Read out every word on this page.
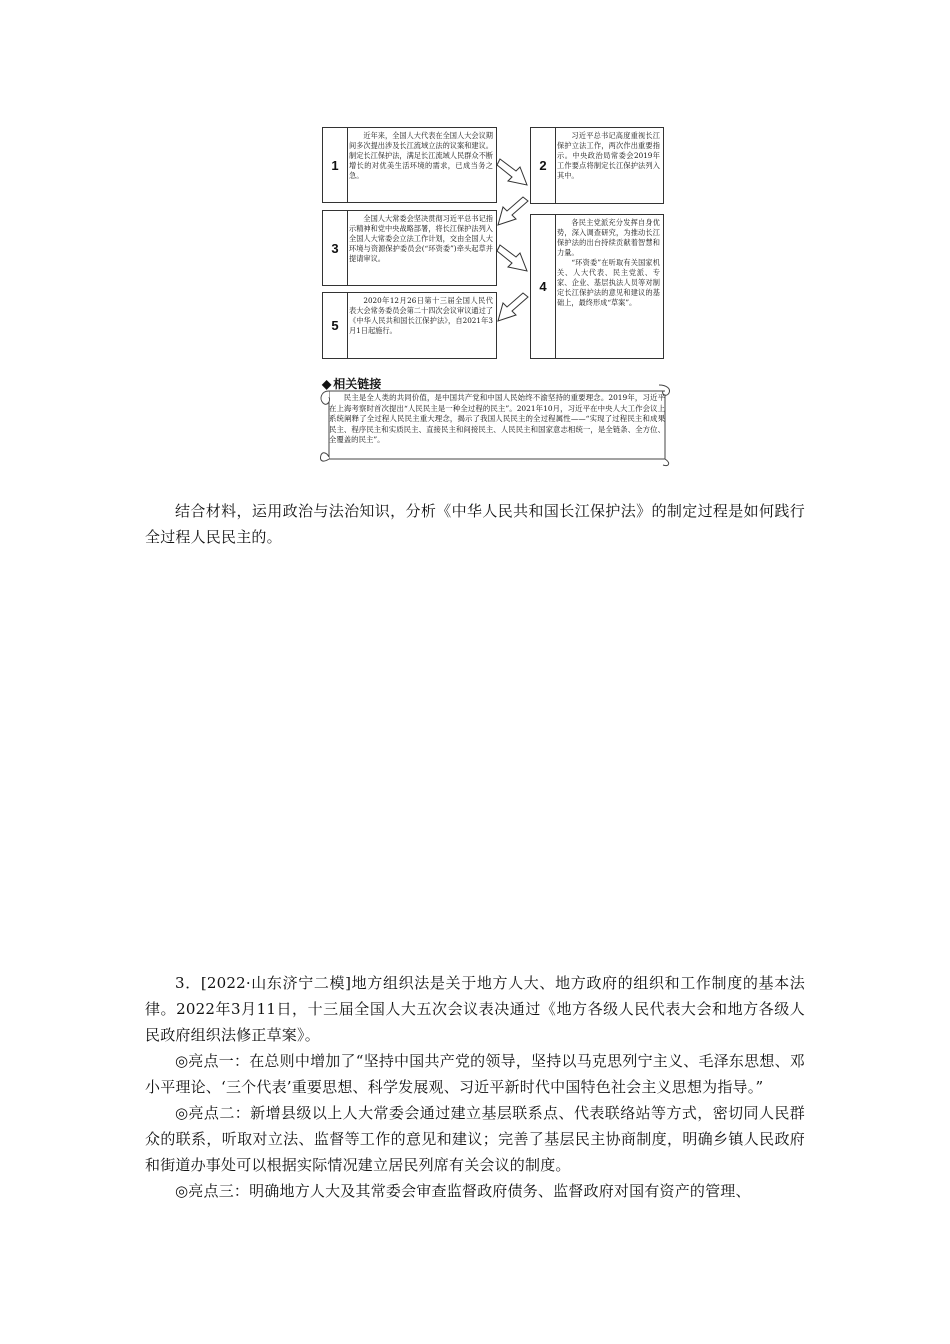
1
近年来，全国人大代表在全国人大会议期间多次提出涉及长江流域立法的议案和建议。制定长江保护法，满足长江流域人民群众不断增长的对优美生活环境的需求，已成当务之急。
2
习近平总书记高度重视长江保护立法工作，两次作出重要指示。中央政治局常委会2019年工作要点将制定长江保护法列入其中。
3
全国人大常委会坚决贯彻习近平总书记指示精神和党中央战略部署，将长江保护法列入全国人大常委会立法工作计划，交由全国人大环境与资源保护委员会(“环资委”)牵头起草并提请审议。
4

各民主党派充分发挥自身优势，深入调查研究，为推动长江保护法的出台持续贡献着智慧和力量。

“环资委”在听取有关国家机关、人大代表、民主党派、专家、企业、基层执法人员等对制定长江保护法的意见和建议的基础上，最终形成“草案”。

5
2020年12月26日第十三届全国人民代表大会常务委员会第二十四次会议审议通过了《中华人民共和国长江保护法》，自2021年3月1日起施行。
◆ 相关链接

民主是全人类的共同价值，是中国共产党和中国人民始终不渝坚持的重要理念。2019年，习近平在上海考察时首次提出“人民民主是一种全过程的民主”。2021年10月，习近平在中央人大工作会议上系统阐释了全过程人民民主重大理念，揭示了我国人民民主的全过程属性——“实现了过程民主和成果民主、程序民主和实质民主、直接民主和间接民主、人民民主和国家意志相统一，是全链条、全方位、全覆盖的民主”。

结合材料，运用政治与法治知识，分析《中华人民共和国长江保护法》的制定过程是如何践行全过程人民民主的。

3．[2022·山东济宁二模]地方组织法是关于地方人大、地方政府的组织和工作制度的基本法律。2022年3月11日，十三届全国人大五次会议表决通过《地方各级人民代表大会和地方各级人民政府组织法修正草案》。

◎亮点一：在总则中增加了“坚持中国共产党的领导，坚持以马克思列宁主义、毛泽东思想、邓小平理论、‘三个代表’重要思想、科学发展观、习近平新时代中国特色社会主义思想为指导。”

◎亮点二：新增县级以上人大常委会通过建立基层联系点、代表联络站等方式，密切同人民群众的联系，听取对立法、监督等工作的意见和建议；完善了基层民主协商制度，明确乡镇人民政府和街道办事处可以根据实际情况建立居民列席有关会议的制度。

◎亮点三：明确地方人大及其常委会审查监督政府债务、监督政府对国有资产的管理、
